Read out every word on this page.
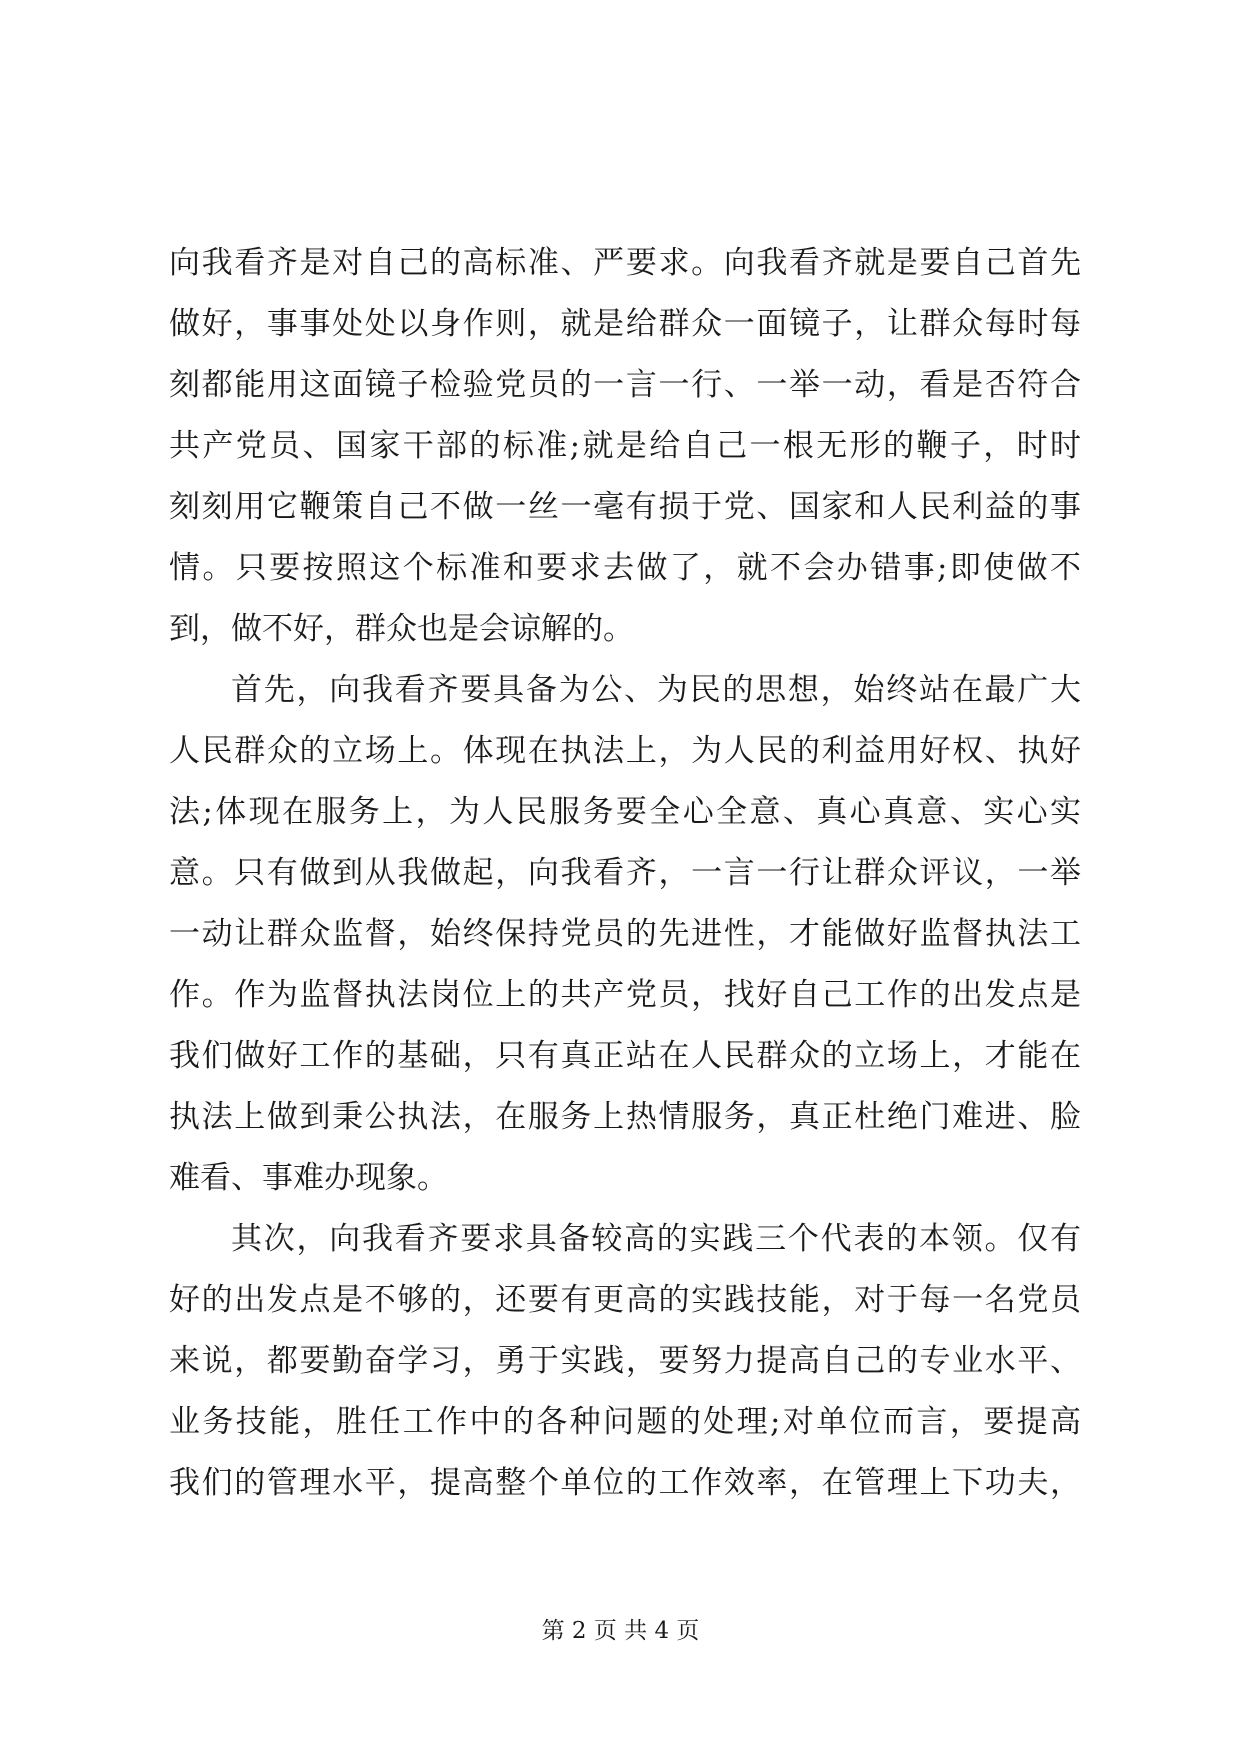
向我看齐是对自己的高标准、严要求。向我看齐就是要自己首先
做好，事事处处以身作则，就是给群众一面镜子，让群众每时每
刻都能用这面镜子检验党员的一言一行、一举一动，看是否符合
共产党员、国家干部的标准;就是给自己一根无形的鞭子，时时
刻刻用它鞭策自己不做一丝一毫有损于党、国家和人民利益的事
情。只要按照这个标准和要求去做了，就不会办错事;即使做不
到，做不好，群众也是会谅解的。
首先，向我看齐要具备为公、为民的思想，始终站在最广大
人民群众的立场上。体现在执法上，为人民的利益用好权、执好
法;体现在服务上，为人民服务要全心全意、真心真意、实心实
意。只有做到从我做起，向我看齐，一言一行让群众评议，一举
一动让群众监督，始终保持党员的先进性，才能做好监督执法工
作。作为监督执法岗位上的共产党员，找好自己工作的出发点是
我们做好工作的基础，只有真正站在人民群众的立场上，才能在
执法上做到秉公执法，在服务上热情服务，真正杜绝门难进、脸
难看、事难办现象。
其次，向我看齐要求具备较高的实践三个代表的本领。仅有
好的出发点是不够的，还要有更高的实践技能，对于每一名党员
来说，都要勤奋学习，勇于实践，要努力提高自己的专业水平、
业务技能，胜任工作中的各种问题的处理;对单位而言，要提高
我们的管理水平，提高整个单位的工作效率，在管理上下功夫，
第 2 页 共 4 页
